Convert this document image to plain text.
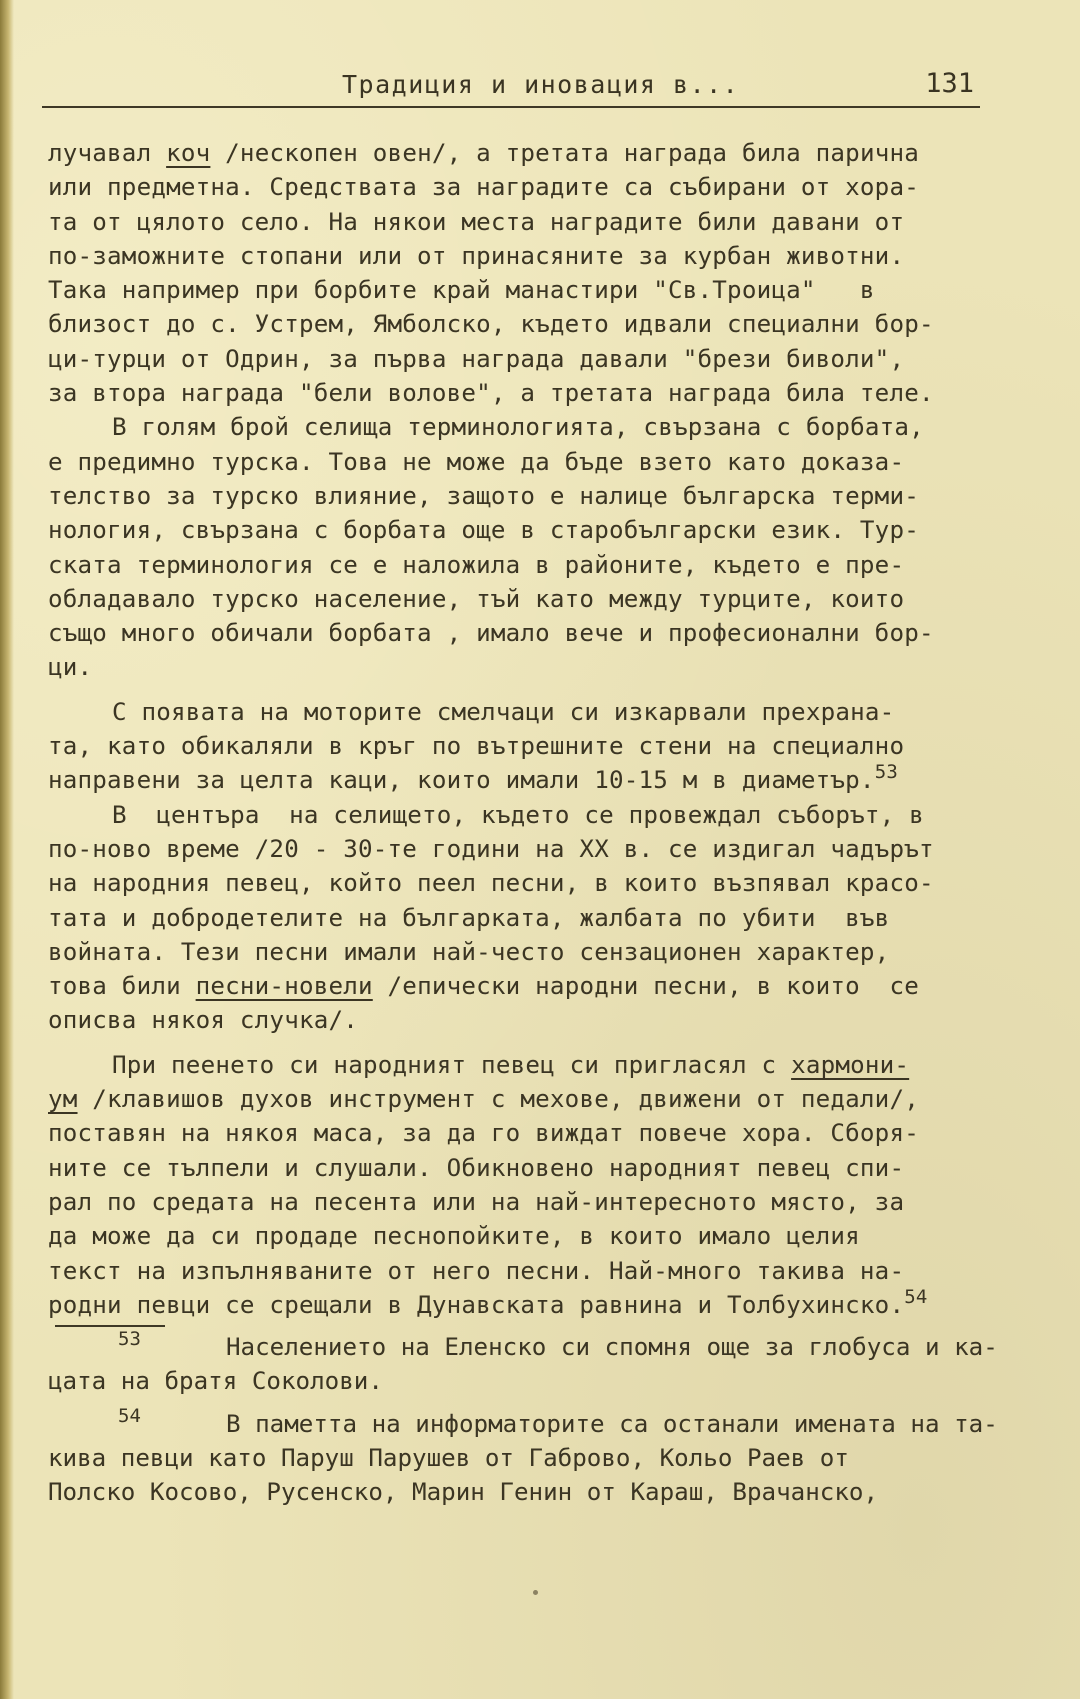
Традиция и иновация в...	131
лучавал коч /нескопен овен/, а третата награда била парична
или предметна. Средствата за наградите са събирани от хора-
та от цялото село. На някои места наградите били давани от
по-заможните стопани или от принасяните за курбан животни.
Така например при борбите край манастири "Св.Троица"   в
близост до с. Устрем, Ямболско, където идвали специални бор-
ци-турци от Одрин, за първа награда давали "брези биволи",
за втора награда "бели волове", а третата награда била теле.
В голям брой селища терминологията, свързана с борбата,
е предимно турска. Това не може да бъде взето като доказа-
телство за турско влияние, защото е налице българска терми-
нология, свързана с борбата още в старобългарски език. Тур-
ската терминология се е наложила в районите, където е пре-
обладавало турско население, тъй като между турците, които
също много обичали борбата , имало вече и професионални бор-
ци.
С появата на моторите смелчаци си изкарвали прехрана-
та, като обикаляли в кръг по вътрешните стени на специално
направени за целта каци, които имали 10-15 м в диаметър.$^{53}$
В  центъра  на селището, където се провеждал съборът, в
по-ново време /20 - 30-те години на XX в. се издигал чадърът
на народния певец, който пеел песни, в които възпявал красо-
тата и добродетелите на българката, жалбата по убити  във
войната. Тези песни имали най-често сензационен характер,
това били песни-новели /епически народни песни, в които  се
описва някоя случка/.
При пеенето си народният певец си пригласял с хармони-
ум /клавишов духов инструмент с мехове, движени от педали/,
поставян на някоя маса, за да го виждат повече хора. Сборя-
ните се тълпели и слушали. Обикновено народният певец спи-
рал по средата на песента или на най-интересното място, за
да може да си продаде песнопойките, в които имало целия
текст на изпълняваните от него песни. Най-много такива на-
родни певци се срещали в Дунавската равнина и Толбухинско.$^{54}$
53	Населението на Еленско си спомня още за глобуса и ка-
цата на братя Соколови.
54	В паметта на информаторите са останали имената на та-
кива певци като Паруш Парушев от Габрово, Кольо Раев от
Полско Косово, Русенско, Марин Генин от Караш, Врачанско,
